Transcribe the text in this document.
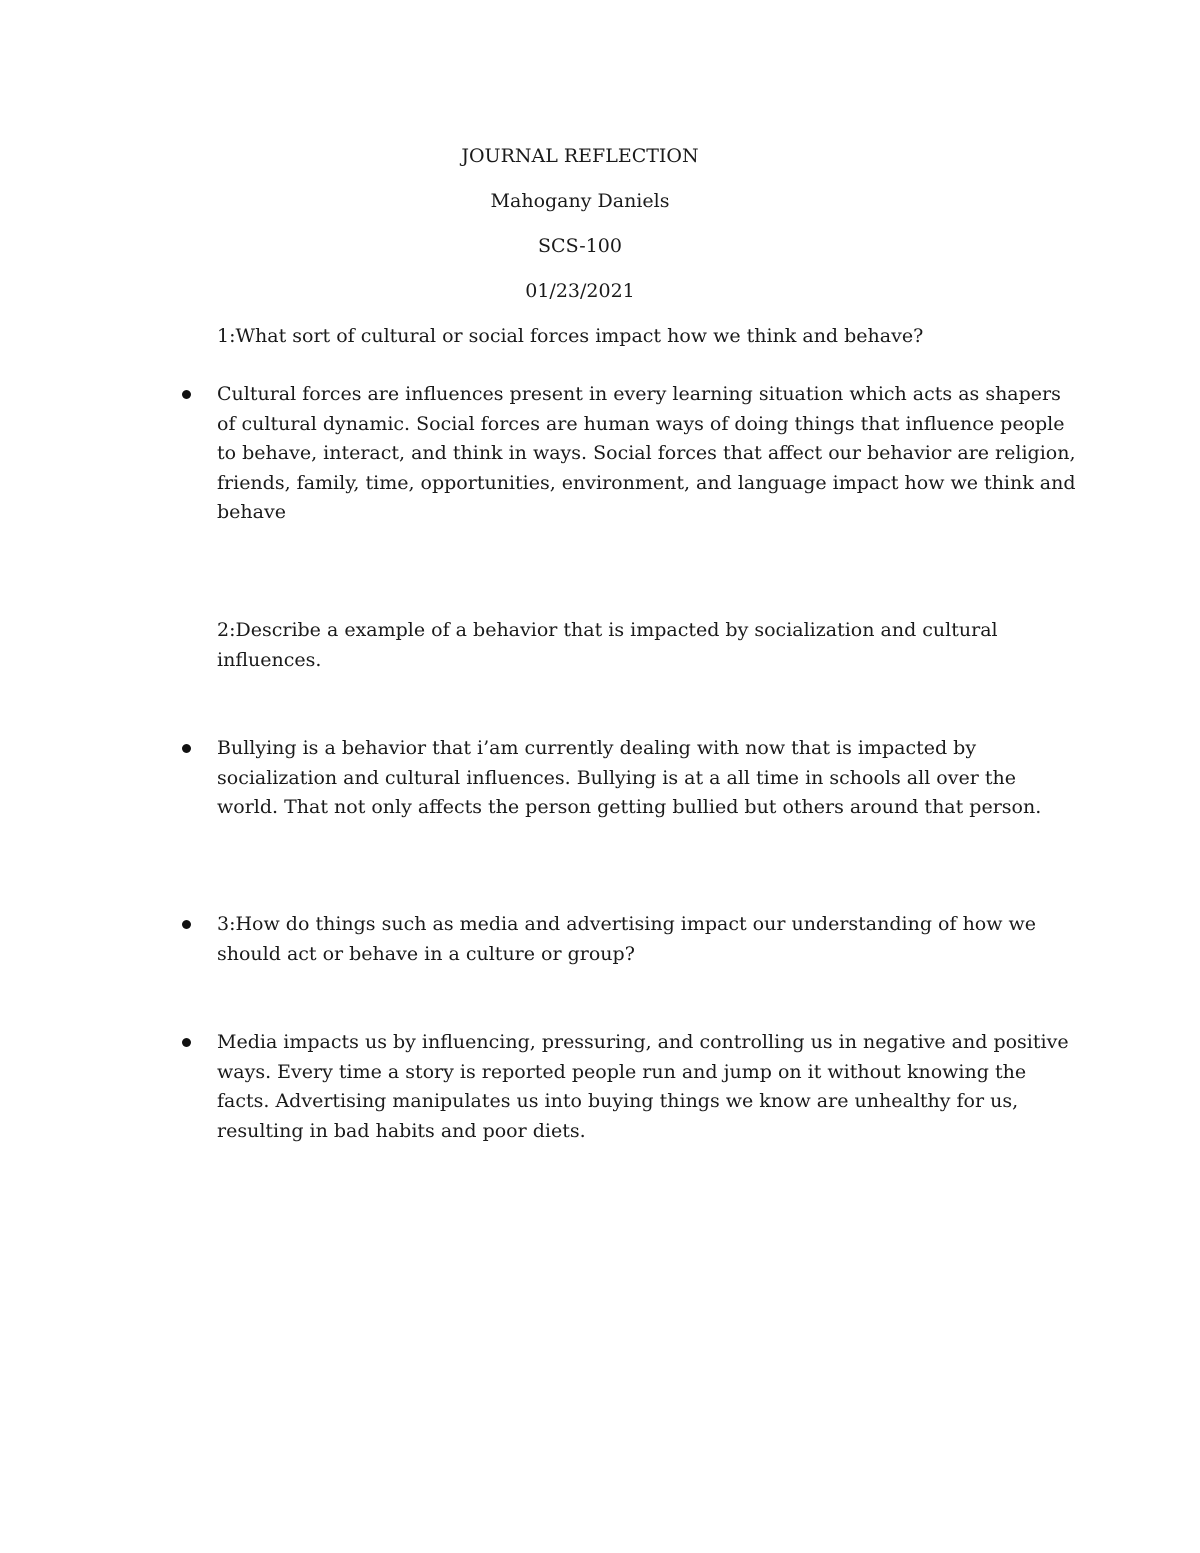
JOURNAL REFLECTION
Mahogany Daniels
SCS-100
01/23/2021
1:What sort of cultural or social forces impact how we think and behave?
Cultural forces are influences present in every learning situation which acts as shapers of cultural dynamic. Social forces are human ways of doing things that influence people to behave, interact, and think in ways. Social forces that affect our behavior are religion, friends, family, time, opportunities, environment, and language impact how we think and behave
2:Describe a example of a behavior that is impacted by socialization and cultural influences.
Bullying is a behavior that i’am currently dealing with now that is impacted by socialization and cultural influences. Bullying is at a all time in schools all over the world. That not only affects the person getting bullied but others around that person.
3:How do things such as media and advertising impact our understanding of how we should act or behave in a culture or group?
Media impacts us by influencing, pressuring, and controlling us in negative and positive ways. Every time a story is reported people run and jump on it without knowing the facts. Advertising manipulates us into buying things we know are unhealthy for us, resulting in bad habits and poor diets.
